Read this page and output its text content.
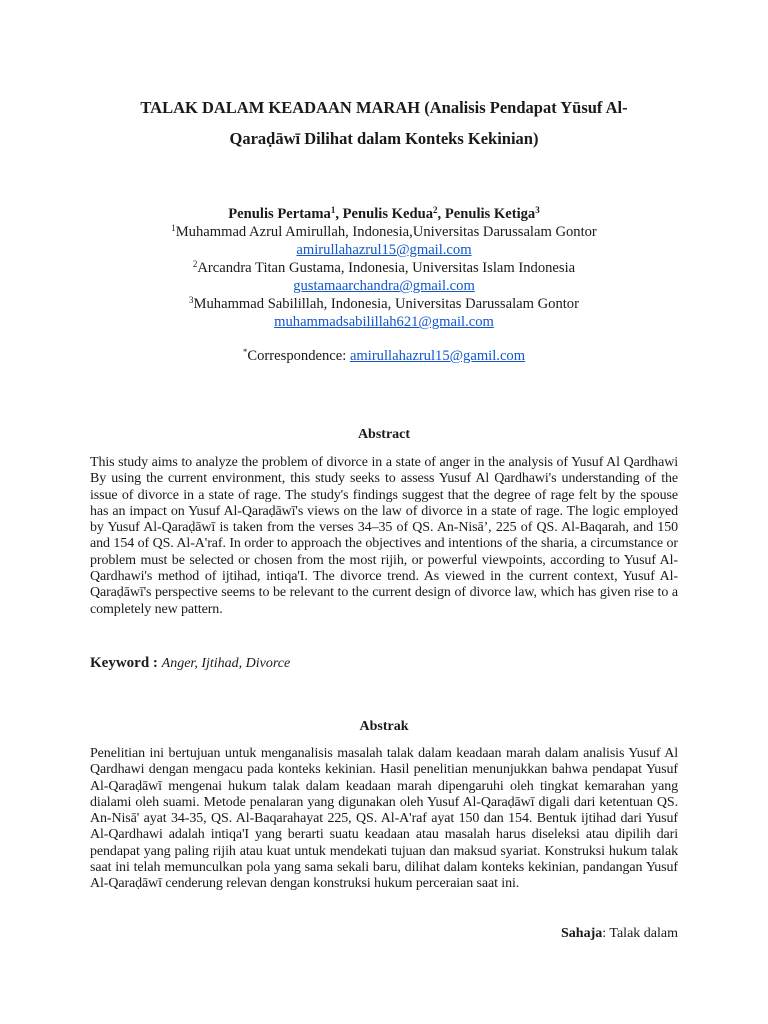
TALAK DALAM KEADAAN MARAH (Analisis Pendapat Yūsuf Al-
Qaraḍāwī Dilihat dalam Konteks Kekinian)
Penulis Pertama$^1$, Penulis Kedua$^2$, Penulis Ketiga$^3$
$^1$Muhammad Azrul Amirullah, Indonesia,Universitas Darussalam Gontor
amirullahazrul15@gmail.com
$^2$Arcandra Titan Gustama, Indonesia, Universitas Islam Indonesia
gustamaarchandra@gmail.com
$^3$Muhammad Sabilillah, Indonesia, Universitas Darussalam Gontor
muhammadsabilillah621@gmail.com
*Correspondence: amirullahazrul15@gamil.com
Abstract
This study aims to analyze the problem of divorce in a state of anger in the analysis of Yusuf Al Qardhawi By using the current environment, this study seeks to assess Yusuf Al Qardhawi's understanding of the issue of divorce in a state of rage. The study's findings suggest that the degree of rage felt by the spouse has an impact on Yusuf Al-Qaraḍāwī's views on the law of divorce in a state of rage. The logic employed by Yusuf Al-Qaraḍāwī is taken from the verses 34–35 of QS. An-Nisā’, 225 of QS. Al-Baqarah, and 150 and 154 of QS. Al-A'raf. In order to approach the objectives and intentions of the sharia, a circumstance or problem must be selected or chosen from the most rijih, or powerful viewpoints, according to Yusuf Al-Qardhawi's method of ijtihad, intiqa'I. The divorce trend. As viewed in the current context, Yusuf Al-Qaraḍāwī's perspective seems to be relevant to the current design of divorce law, which has given rise to a completely new pattern.
Keyword : Anger, Ijtihad, Divorce
Abstrak
Penelitian ini bertujuan untuk menganalisis masalah talak dalam keadaan marah dalam analisis Yusuf Al Qardhawi dengan mengacu pada konteks kekinian. Hasil penelitian menunjukkan bahwa pendapat Yusuf Al-Qaraḍāwī mengenai hukum talak dalam keadaan marah dipengaruhi oleh tingkat kemarahan yang dialami oleh suami. Metode penalaran yang digunakan oleh Yusuf Al-Qaraḍāwī digali dari ketentuan QS. An-Nisā' ayat 34-35, QS. Al-Baqarahayat 225, QS. Al-A'raf ayat 150 dan 154. Bentuk ijtihad dari Yusuf Al-Qardhawi adalah intiqa'I yang berarti suatu keadaan atau masalah harus diseleksi atau dipilih dari pendapat yang paling rijih atau kuat untuk mendekati tujuan dan maksud syariat. Konstruksi hukum talak saat ini telah memunculkan pola yang sama sekali baru, dilihat dalam konteks kekinian, pandangan Yusuf Al-Qaraḍāwī cenderung relevan dengan konstruksi hukum perceraian saat ini.
Sahaja: Talak dalam
